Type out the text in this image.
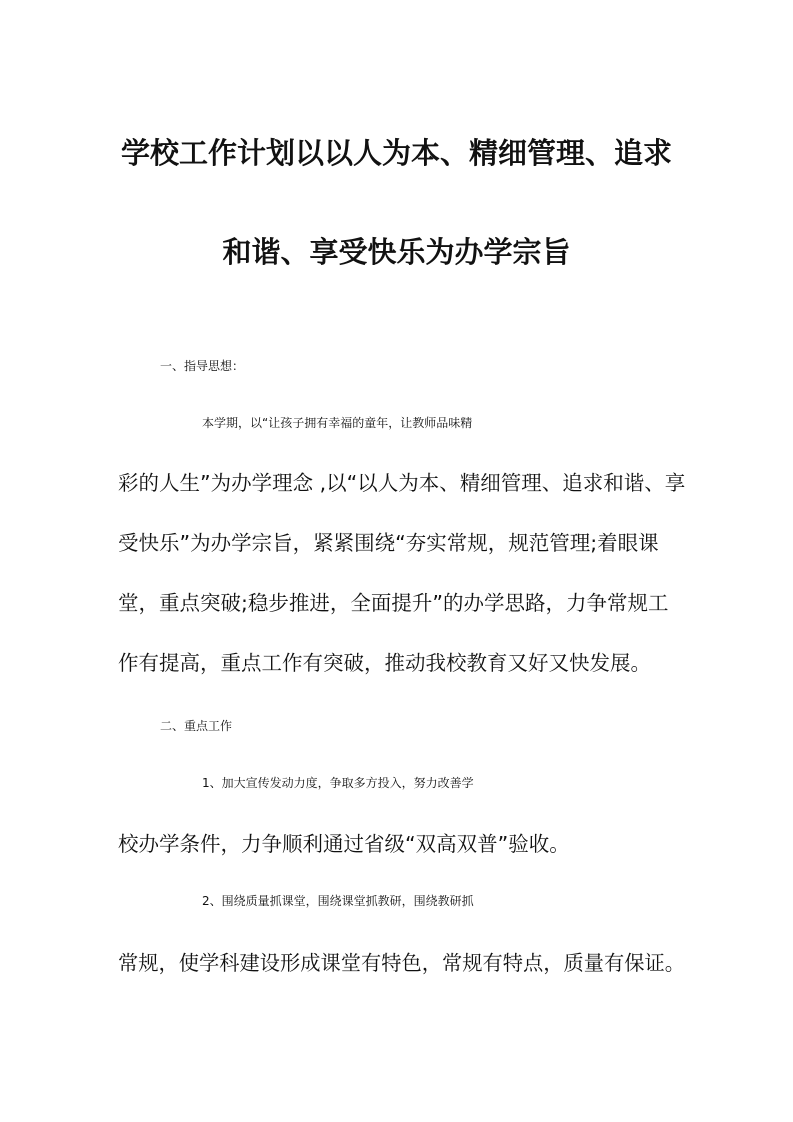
学校工作计划以以人为本、精细管理、追求
和谐、享受快乐为办学宗旨
一、指导思想：
本学期，以“让孩子拥有幸福的童年，让教师品味精
彩的人生”为办学理念 ,以“以人为本、精细管理、追求和谐、享
受快乐”为办学宗旨，紧紧围绕“夯实常规，规范管理;着眼课
堂，重点突破;稳步推进，全面提升”的办学思路，力争常规工
作有提高，重点工作有突破，推动我校教育又好又快发展。
二、重点工作
1、加大宣传发动力度，争取多方投入，努力改善学
校办学条件，力争顺利通过省级“双高双普”验收。
2、围绕质量抓课堂，围绕课堂抓教研，围绕教研抓
常规，使学科建设形成课堂有特色，常规有特点，质量有保证。
